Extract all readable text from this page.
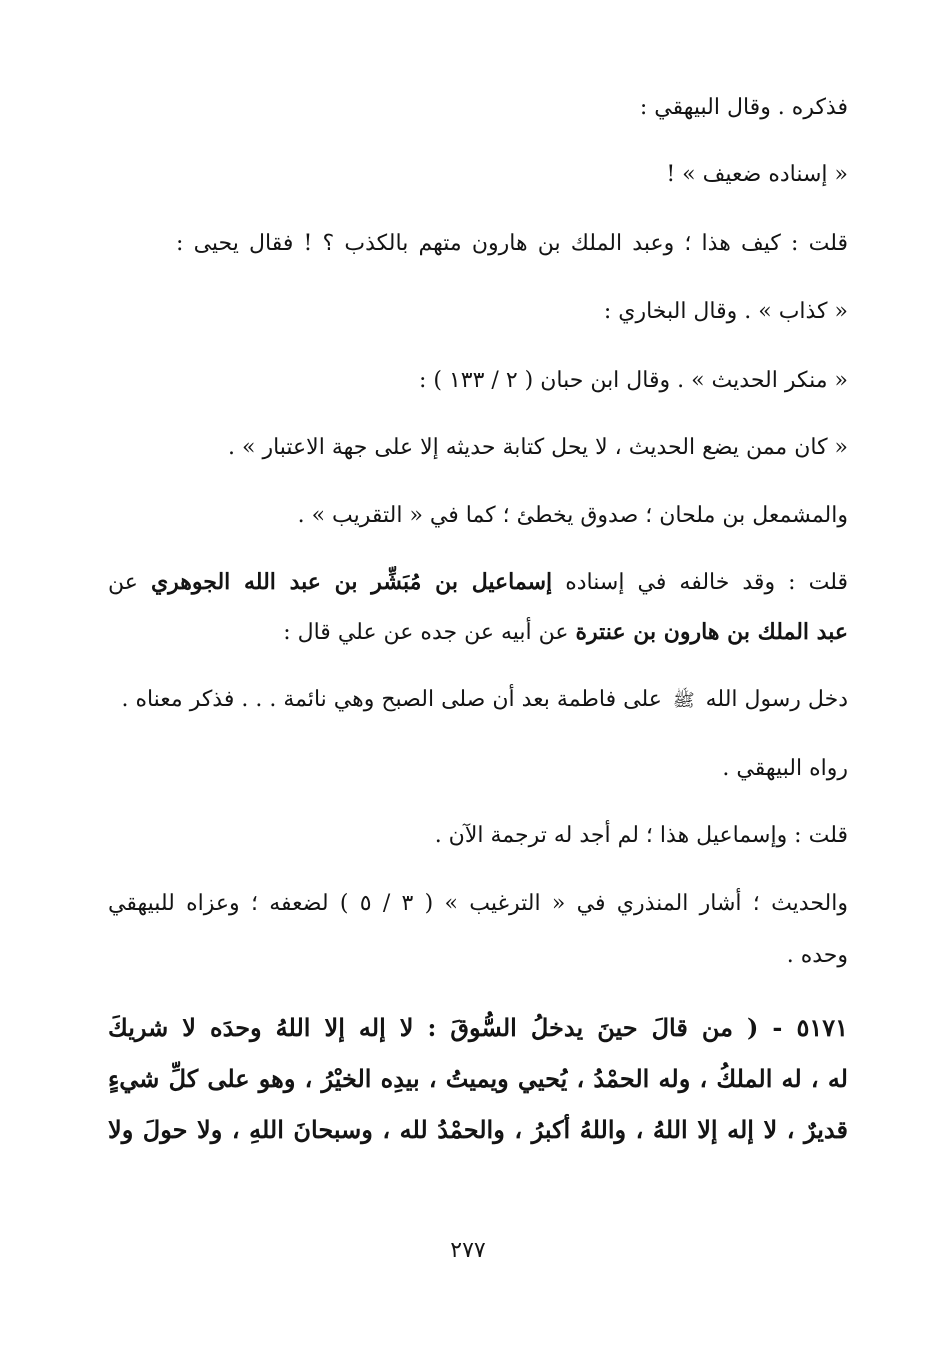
فذكره . وقال البيهقي :
« إسناده ضعيف » !
قلت : كيف هذا ؛ وعبد الملك بن هارون متهم بالكذب ؟ ! فقال يحيى :
« كذاب » . وقال البخاري :
« منكر الحديث » . وقال ابن حبان ( ٢ / ١٣٣ ) :
« كان ممن يضع الحديث ، لا يحل كتابة حديثه إلا على جهة الاعتبار » .
والمشمعل بن ملحان ؛ صدوق يخطئ ؛ كما في « التقريب » .
قلت : وقد خالفه في إسناده إسماعيل بن مُبَشِّر بن عبد الله الجوهري عن
عبد الملك بن هارون بن عنترة عن أبيه عن جده عن علي قال :
دخل رسول الله ﷺ على فاطمة بعد أن صلى الصبح وهي نائمة . . . فذكر معناه .
رواه البيهقي .
قلت : وإسماعيل هذا ؛ لم أجد له ترجمة الآن .
والحديث ؛ أشار المنذري في « الترغيب » ( ٣ / ٥ ) لضعفه ؛ وعزاه للبيهقي
وحده .
٥١٧١ - ( من قالَ حينَ يدخلُ السُّوقَ : لا إله إلا اللهُ وحدَه لا شريكَ
له ، له الملكُ ، وله الحمْدُ ، يُحيي ويميتُ ، بيدِه الخيْرُ ، وهو على كلِّ شيءٍ
قديرٌ ، لا إله إلا اللهُ ، واللهُ أكبرُ ، والحمْدُ لله ، وسبحانَ اللهِ ، ولا حولَ ولا
٢٧٧
